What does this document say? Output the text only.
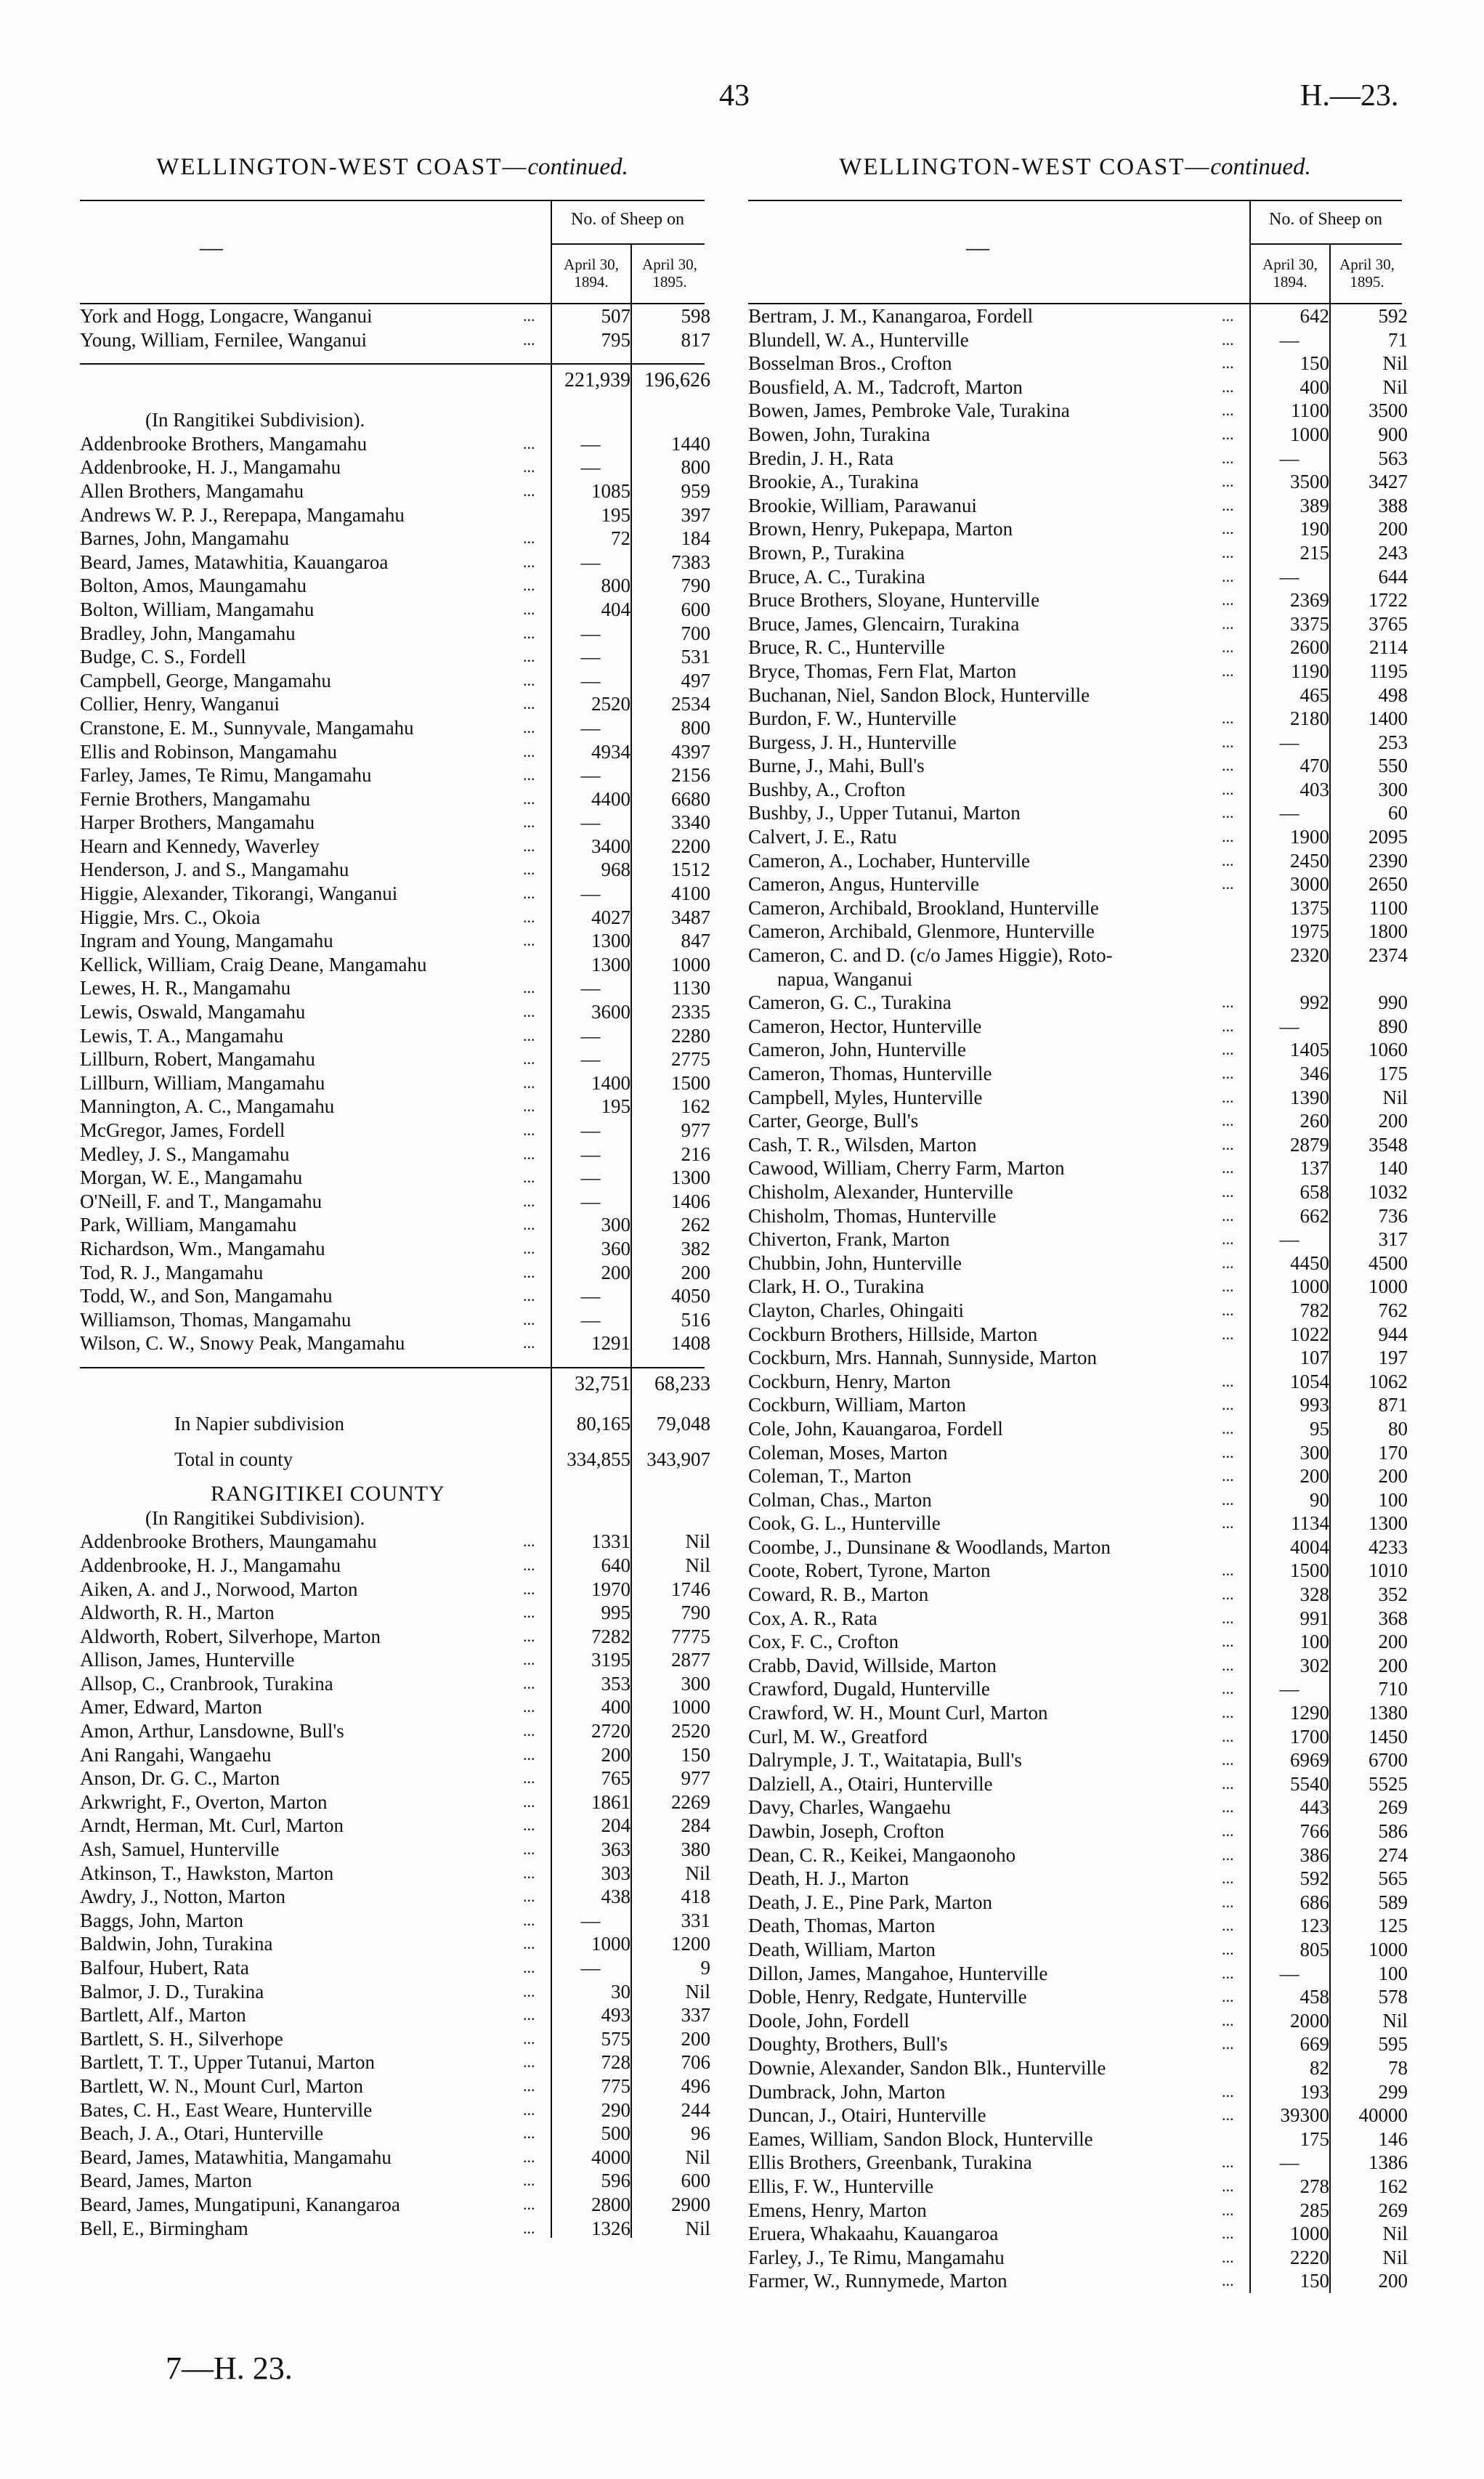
43	H.—23.
WELLINGTON-WEST COAST—continued.
—
No. of Sheep on
April 30, 1894.
April 30, 1895.
York and Hogg, Longacre, Wanganui	...	507	598
Young, William, Fernilee, Wanganui	...	795	817
221,939 196,626
(In Rangitikei Subdivision).
Addenbrooke Brothers, Mangamahu	...	—	1440
Addenbrooke, H. J., Mangamahu	...	—	800
Allen Brothers, Mangamahu	...	1085	959
Andrews W. P. J., Rerepapa, Mangamahu	195	397
Barnes, John, Mangamahu	...	72	184
Beard, James, Matawhitia, Kauangaroa	...	—	7383
Bolton, Amos, Maungamahu	...	800	790
Bolton, William, Mangamahu	...	404	600
Bradley, John, Mangamahu	...	—	700
Budge, C. S., Fordell	...	—	531
Campbell, George, Mangamahu	...	—	497
Collier, Henry, Wanganui	...	2520	2534
Cranstone, E. M., Sunnyvale, Mangamahu	...	—	800
Ellis and Robinson, Mangamahu	...	4934	4397
Farley, James, Te Rimu, Mangamahu	...	—	2156
Fernie Brothers, Mangamahu	...	4400	6680
Harper Brothers, Mangamahu	...	—	3340
Hearn and Kennedy, Waverley	...	3400	2200
Henderson, J. and S., Mangamahu	...	968	1512
Higgie, Alexander, Tikorangi, Wanganui	...	—	4100
Higgie, Mrs. C., Okoia	...	4027	3487
Ingram and Young, Mangamahu	...	1300	847
Kellick, William, Craig Deane, Mangamahu	1300	1000
Lewes, H. R., Mangamahu	...	—	1130
Lewis, Oswald, Mangamahu	...	3600	2335
Lewis, T. A., Mangamahu	...	—	2280
Lillburn, Robert, Mangamahu	...	—	2775
Lillburn, William, Mangamahu	...	1400	1500
Mannington, A. C., Mangamahu	...	195	162
McGregor, James, Fordell	...	—	977
Medley, J. S., Mangamahu	...	—	216
Morgan, W. E., Mangamahu	...	—	1300
O'Neill, F. and T., Mangamahu	...	—	1406
Park, William, Mangamahu	...	300	262
Richardson, Wm., Mangamahu	...	360	382
Tod, R. J., Mangamahu	...	200	200
Todd, W., and Son, Mangamahu	...	—	4050
Williamson, Thomas, Mangamahu	...	—	516
Wilson, C. W., Snowy Peak, Mangamahu	...	1291	1408
32,751	68,233
In Napier subdivision	80,165	79,048
Total in county	334,855 343,907
RANGITIKEI COUNTY
(In Rangitikei Subdivision).
Addenbrooke Brothers, Maungamahu	...	1331	Nil
Addenbrooke, H. J., Mangamahu	...	640	Nil
Aiken, A. and J., Norwood, Marton	...	1970	1746
Aldworth, R. H., Marton	...	995	790
Aldworth, Robert, Silverhope, Marton	...	7282	7775
Allison, James, Hunterville	...	3195	2877
Allsop, C., Cranbrook, Turakina	...	353	300
Amer, Edward, Marton	...	400	1000
Amon, Arthur, Lansdowne, Bull's	...	2720	2520
Ani Rangahi, Wangaehu	...	200	150
Anson, Dr. G. C., Marton	...	765	977
Arkwright, F., Overton, Marton	...	1861	2269
Arndt, Herman, Mt. Curl, Marton	...	204	284
Ash, Samuel, Hunterville	...	363	380
Atkinson, T., Hawkston, Marton	...	303	Nil
Awdry, J., Notton, Marton	...	438	418
Baggs, John, Marton	...	—	331
Baldwin, John, Turakina	...	1000	1200
Balfour, Hubert, Rata	...	—	9
Balmor, J. D., Turakina	...	30	Nil
Bartlett, Alf., Marton	...	493	337
Bartlett, S. H., Silverhope	...	575	200
Bartlett, T. T., Upper Tutanui, Marton	...	728	706
Bartlett, W. N., Mount Curl, Marton	...	775	496
Bates, C. H., East Weare, Hunterville	...	290	244
Beach, J. A., Otari, Hunterville	...	500	96
Beard, James, Matawhitia, Mangamahu	...	4000	Nil
Beard, James, Marton	...	596	600
Beard, James, Mungatipuni, Kanangaroa	...	2800	2900
Bell, E., Birmingham	...	1326	Nil
WELLINGTON-WEST COAST—continued.
—
No. of Sheep on
April 30, 1894.
April 30, 1895.
Bertram, J. M., Kanangaroa, Fordell	...	642	592
Blundell, W. A., Hunterville	...	—	71
Bosselman Bros., Crofton	...	150	Nil
Bousfield, A. M., Tadcroft, Marton	...	400	Nil
Bowen, James, Pembroke Vale, Turakina	...	1100	3500
Bowen, John, Turakina	...	1000	900
Bredin, J. H., Rata	...	—	563
Brookie, A., Turakina	...	3500	3427
Brookie, William, Parawanui	...	389	388
Brown, Henry, Pukepapa, Marton	...	190	200
Brown, P., Turakina	...	215	243
Bruce, A. C., Turakina	...	—	644
Bruce Brothers, Sloyane, Hunterville	...	2369	1722
Bruce, James, Glencairn, Turakina	...	3375	3765
Bruce, R. C., Hunterville	...	2600	2114
Bryce, Thomas, Fern Flat, Marton	...	1190	1195
Buchanan, Niel, Sandon Block, Hunterville	465	498
Burdon, F. W., Hunterville	...	2180	1400
Burgess, J. H., Hunterville	...	—	253
Burne, J., Mahi, Bull's	...	470	550
Bushby, A., Crofton	...	403	300
Bushby, J., Upper Tutanui, Marton	...	—	60
Calvert, J. E., Ratu	...	1900	2095
Cameron, A., Lochaber, Hunterville	...	2450	2390
Cameron, Angus, Hunterville	...	3000	2650
Cameron, Archibald, Brookland, Hunterville	1375	1100
Cameron, Archibald, Glenmore, Hunterville	1975	1800
Cameron, C. and D. (c/o James Higgie), Roto-	2320	2374
napua, Wanganui
Cameron, G. C., Turakina	...	992	990
Cameron, Hector, Hunterville	...	—	890
Cameron, John, Hunterville	...	1405	1060
Cameron, Thomas, Hunterville	...	346	175
Campbell, Myles, Hunterville	...	1390	Nil
Carter, George, Bull's	...	260	200
Cash, T. R., Wilsden, Marton	...	2879	3548
Cawood, William, Cherry Farm, Marton	...	137	140
Chisholm, Alexander, Hunterville	...	658	1032
Chisholm, Thomas, Hunterville	...	662	736
Chiverton, Frank, Marton	...	—	317
Chubbin, John, Hunterville	...	4450	4500
Clark, H. O., Turakina	...	1000	1000
Clayton, Charles, Ohingaiti	...	782	762
Cockburn Brothers, Hillside, Marton	...	1022	944
Cockburn, Mrs. Hannah, Sunnyside, Marton	107	197
Cockburn, Henry, Marton	...	1054	1062
Cockburn, William, Marton	...	993	871
Cole, John, Kauangaroa, Fordell	...	95	80
Coleman, Moses, Marton	...	300	170
Coleman, T., Marton	...	200	200
Colman, Chas., Marton	...	90	100
Cook, G. L., Hunterville	...	1134	1300
Coombe, J., Dunsinane & Woodlands, Marton	4004	4233
Coote, Robert, Tyrone, Marton	...	1500	1010
Coward, R. B., Marton	...	328	352
Cox, A. R., Rata	...	991	368
Cox, F. C., Crofton	...	100	200
Crabb, David, Willside, Marton	...	302	200
Crawford, Dugald, Hunterville	...	—	710
Crawford, W. H., Mount Curl, Marton	...	1290	1380
Curl, M. W., Greatford	...	1700	1450
Dalrymple, J. T., Waitatapia, Bull's	...	6969	6700
Dalziell, A., Otairi, Hunterville	...	5540	5525
Davy, Charles, Wangaehu	...	443	269
Dawbin, Joseph, Crofton	...	766	586
Dean, C. R., Keikei, Mangaonoho	...	386	274
Death, H. J., Marton	...	592	565
Death, J. E., Pine Park, Marton	...	686	589
Death, Thomas, Marton	...	123	125
Death, William, Marton	...	805	1000
Dillon, James, Mangahoe, Hunterville	...	—	100
Doble, Henry, Redgate, Hunterville	...	458	578
Doole, John, Fordell	...	2000	Nil
Doughty, Brothers, Bull's	...	669	595
Downie, Alexander, Sandon Blk., Hunterville	82	78
Dumbrack, John, Marton	...	193	299
Duncan, J., Otairi, Hunterville	...	39300	40000
Eames, William, Sandon Block, Hunterville	175	146
Ellis Brothers, Greenbank, Turakina	...	—	1386
Ellis, F. W., Hunterville	...	278	162
Emens, Henry, Marton	...	285	269
Eruera, Whakaahu, Kauangaroa	...	1000	Nil
Farley, J., Te Rimu, Mangamahu	...	2220	Nil
Farmer, W., Runnymede, Marton	...	150	200
7—H. 23.
